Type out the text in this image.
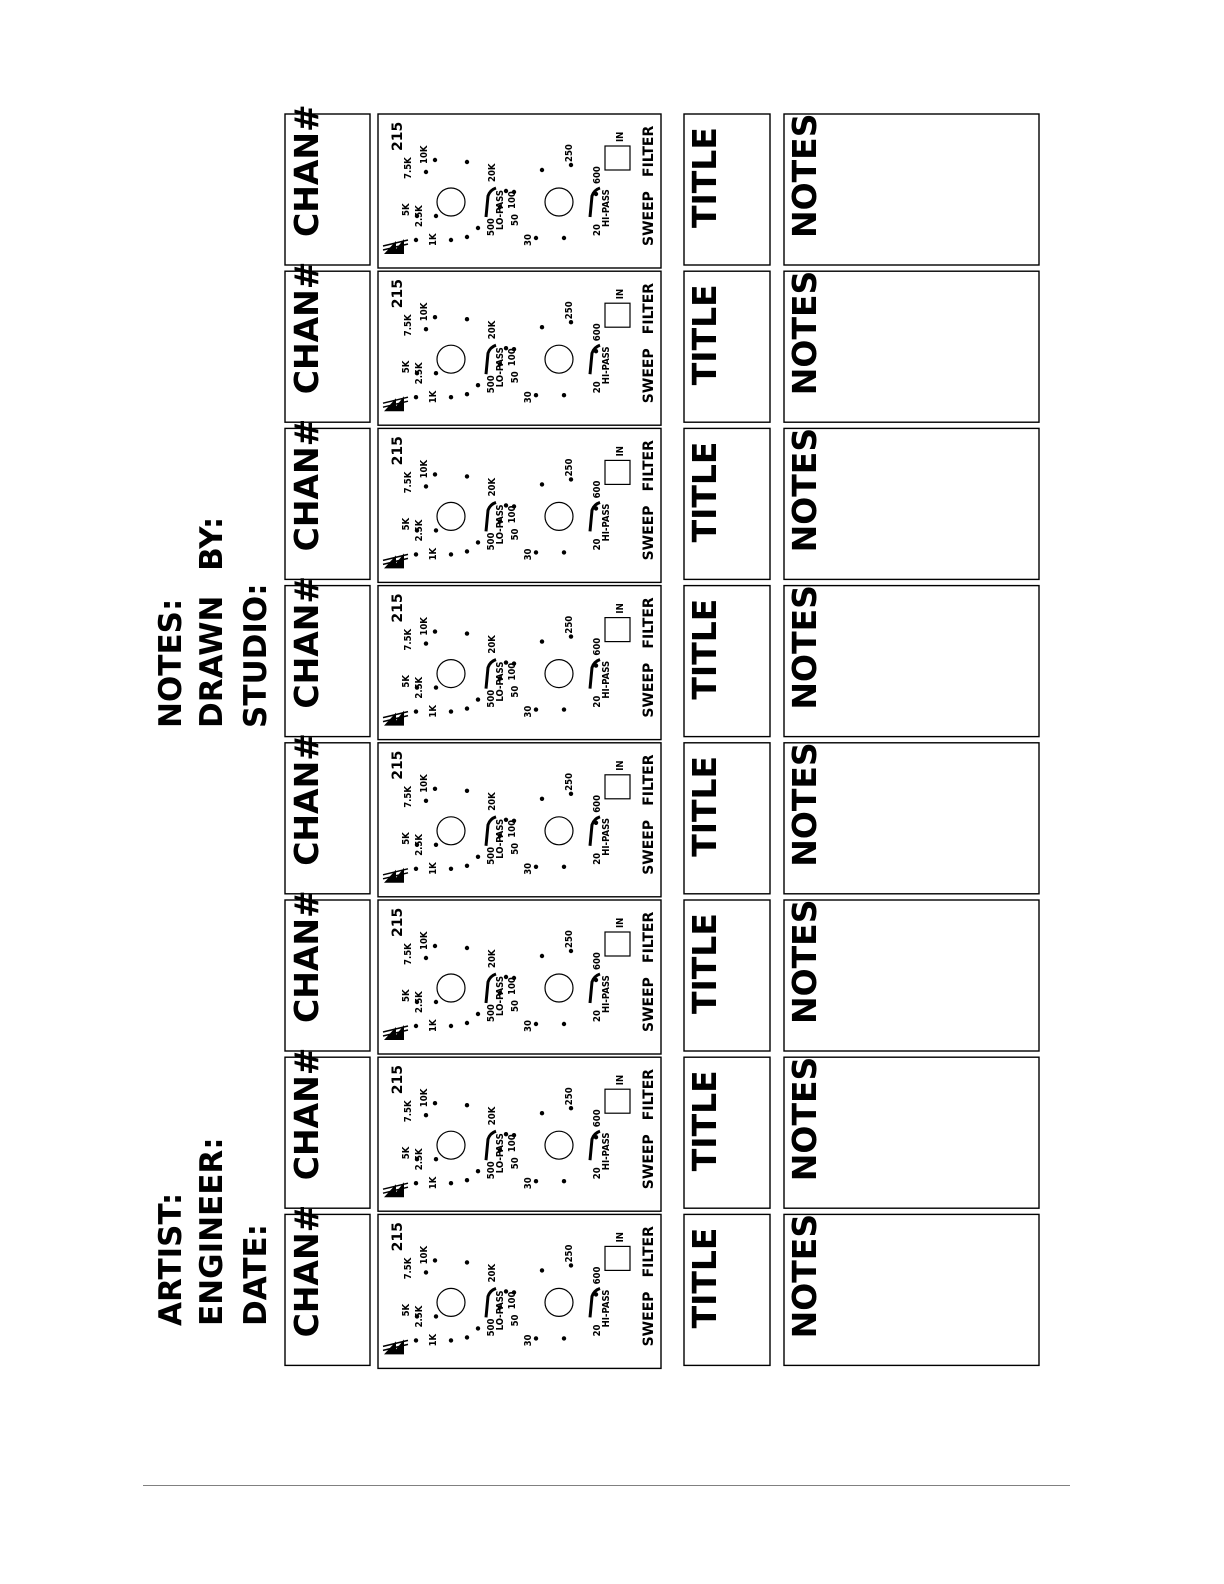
ARTIST: ENGINEER: DATE:
NOTES: DRAWN BY: STUDIO:
CHAN#	215
1K
2.5K
5K
7.5K
10K
20K
LO-PASS
500 50
100
30
HI-PASS
20
600
250
IN
SWEEP
FILTER TITLE NOTES
CHAN#	215
1K
2.5K
5K
7.5K
10K
20K
LO-PASS
500 50
100
30
HI-PASS
20
600
250
IN
SWEEP
FILTER TITLE NOTES
CHAN#	215
1K
2.5K
5K
7.5K
10K
20K
LO-PASS
500 50
100
30
HI-PASS
20
600
250
IN
SWEEP
FILTER TITLE NOTES
CHAN#	215
1K
2.5K
5K
7.5K
10K
20K
LO-PASS
500 50
100
30
HI-PASS
20
600
250
IN
SWEEP
FILTER TITLE NOTES
CHAN#	215
1K
2.5K
5K
7.5K
10K
20K
LO-PASS
500 50
100
30
HI-PASS
20
600
250
IN
SWEEP
FILTER TITLE NOTES
CHAN#	215
1K
2.5K
5K
7.5K
10K
20K
LO-PASS
500 50
100
30
HI-PASS
20
600
250
IN
SWEEP
FILTER TITLE NOTES
CHAN#	215
1K
2.5K
5K
7.5K
10K
20K
LO-PASS
500 50
100
30
HI-PASS
20
600
250
IN
SWEEP
FILTER TITLE NOTES
CHAN#	215
1K
2.5K
5K
7.5K
10K
20K
LO-PASS
500 50
100
30
HI-PASS
20
600
250
IN
SWEEP
FILTER TITLE NOTES
